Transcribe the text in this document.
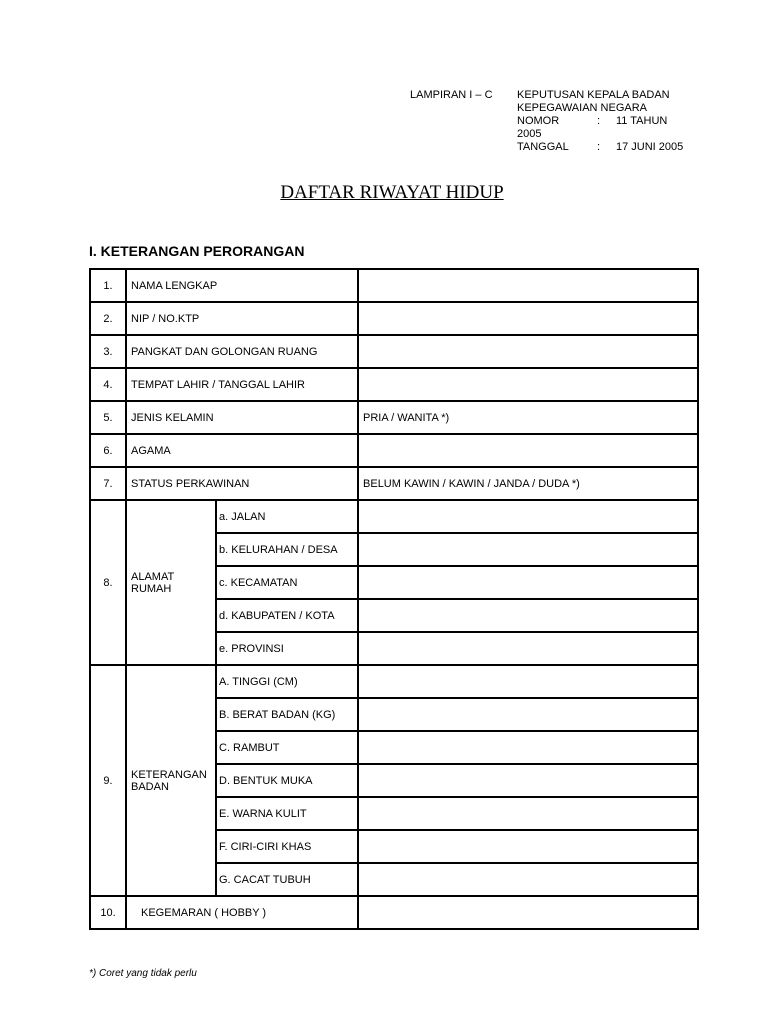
LAMPIRAN I – C KEPUTUSAN KEPALA BADAN
KEPEGAWAIAN NEGARA
NOMOR	: 11 TAHUN
2005
TANGGAL	: 17 JUNI 2005
DAFTAR RIWAYAT HIDUP
I. KETERANGAN PERORANGAN
1.	NAMA LENGKAP		
2.	NIP / NO.KTP		
3.	PANGKAT DAN GOLONGAN RUANG		
4.	TEMPAT LAHIR / TANGGAL LAHIR		
5.	JENIS KELAMIN		PRIA / WANITA *)
6.	AGAMA		
7.	STATUS PERKAWINAN		BELUM KAWIN / KAWIN / JANDA / DUDA *)
8.	ALAMAT RUMAH	a. JALAN	
		b. KELURAHAN / DESA	
		c. KECAMATAN	
		d. KABUPATEN / KOTA	
		e. PROVINSI	
9.	KETERANGAN BADAN	A. TINGGI (CM)	
		B. BERAT BADAN (KG)	
		C. RAMBUT	
		D. BENTUK MUKA	
		E. WARNA KULIT	
		F. CIRI-CIRI KHAS	
		G. CACAT TUBUH	
10.	KEGEMARAN ( HOBBY )		
*) Coret yang tidak perlu
